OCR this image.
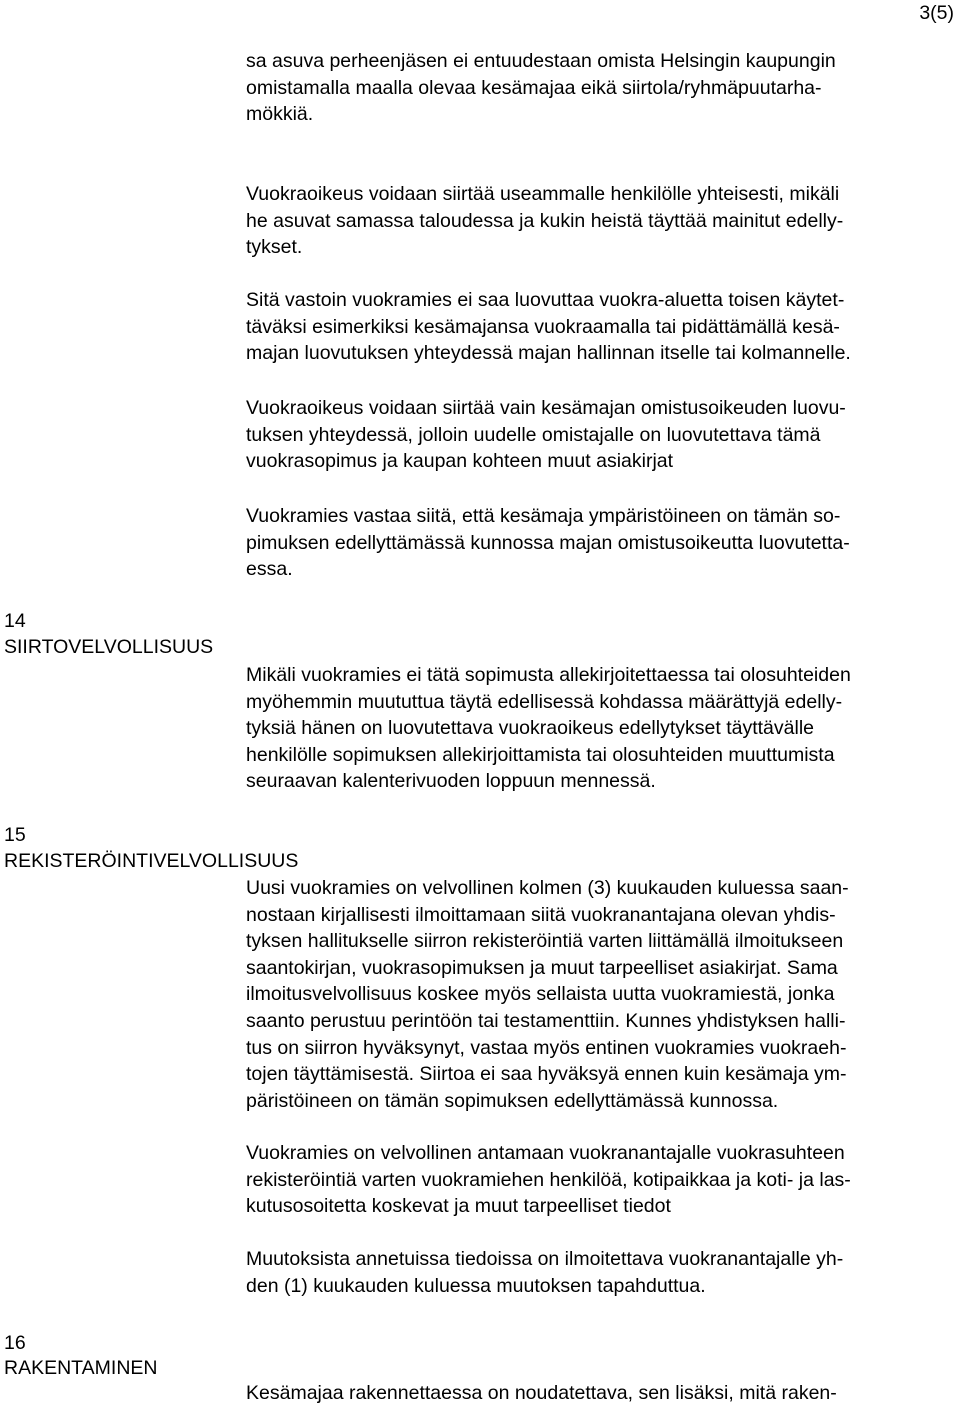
3(5)

sa asuva perheenjäsen ei entuudestaan omista Helsingin kaupungin
omistamalla maalla olevaa kesämajaa eikä siirtola/ryhmäpuutarha-
mökkiä.

Vuokraoikeus voidaan siirtää useammalle henkilölle yhteisesti, mikäli
he asuvat samassa taloudessa ja kukin heistä täyttää mainitut edelly-
tykset.

Sitä vastoin vuokramies ei saa luovuttaa vuokra-aluetta toisen käytet-
täväksi esimerkiksi kesämajansa vuokraamalla tai pidättämällä kesä-
majan luovutuksen yhteydessä majan hallinnan itselle tai kolmannelle.

Vuokraoikeus voidaan siirtää vain kesämajan omistusoikeuden luovu-
tuksen yhteydessä, jolloin uudelle omistajalle on luovutettava tämä
vuokrasopimus ja kaupan kohteen muut asiakirjat

Vuokramies vastaa siitä, että kesämaja ympäristöineen on tämän so-
pimuksen edellyttämässä kunnossa majan omistusoikeutta luovutetta-
essa.

14
SIIRTOVELVOLLISUUS

Mikäli vuokramies ei tätä sopimusta allekirjoitettaessa tai olosuhteiden
myöhemmin muututtua täytä edellisessä kohdassa määrättyjä edelly-
tyksiä hänen on luovutettava vuokraoikeus edellytykset täyttävälle
henkilölle sopimuksen allekirjoittamista tai olosuhteiden muuttumista
seuraavan kalenterivuoden loppuun mennessä.

15
REKISTERÖINTIVELVOLLISUUS

Uusi vuokramies on velvollinen kolmen (3) kuukauden kuluessa saan-
nostaan kirjallisesti ilmoittamaan siitä vuokranantajana olevan yhdis-
tyksen hallitukselle siirron rekisteröintiä varten liittämällä ilmoitukseen
saantokirjan, vuokrasopimuksen ja muut tarpeelliset asiakirjat. Sama
ilmoitusvelvollisuus koskee myös sellaista uutta vuokramiestä, jonka
saanto perustuu perintöön tai testamenttiin. Kunnes yhdistyksen halli-
tus on siirron hyväksynyt, vastaa myös entinen vuokramies vuokraeh-
tojen täyttämisestä. Siirtoa ei saa hyväksyä ennen kuin kesämaja ym-
päristöineen on tämän sopimuksen edellyttämässä kunnossa.

Vuokramies on velvollinen antamaan vuokranantajalle vuokrasuhteen
rekisteröintiä varten vuokramiehen henkilöä, kotipaikkaa ja koti- ja las-
kutusosoitetta koskevat ja muut tarpeelliset tiedot

Muutoksista annetuissa tiedoissa on ilmoitettava vuokranantajalle yh-
den (1) kuukauden kuluessa muutoksen tapahduttua.

16
RAKENTAMINEN

Kesämajaa rakennettaessa on noudatettava, sen lisäksi, mitä raken-
